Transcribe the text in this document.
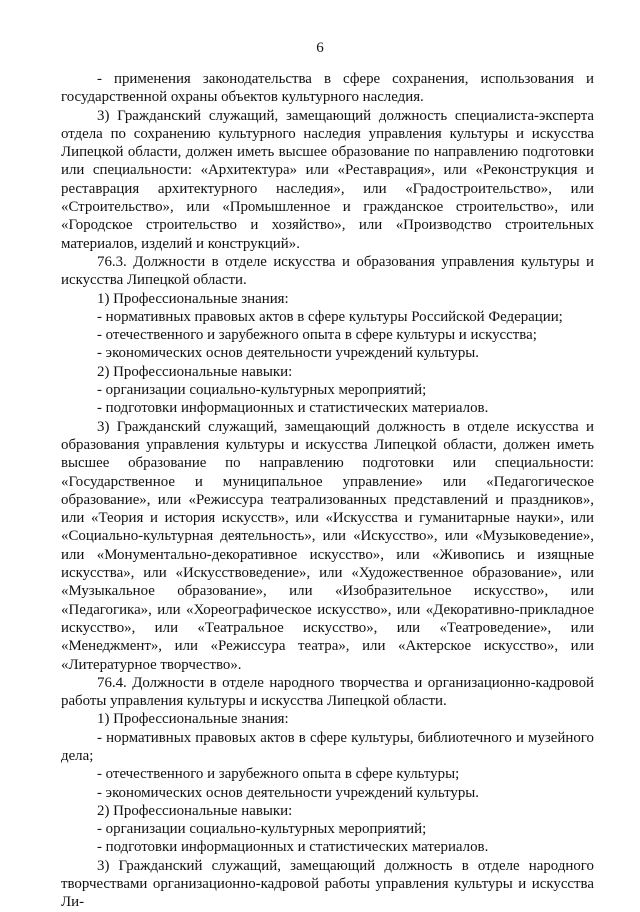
6

- применения законодательства в сфере сохранения, использования и государственной охраны объектов культурного наследия.

3) Гражданский служащий, замещающий должность специалиста-эксперта отдела по сохранению культурного наследия управления культуры и искусства Липецкой области, должен иметь высшее образование по направлению подготовки или специальности: «Архитектура» или «Реставрация», или «Реконструкция и реставрация архитектурного наследия», или «Градостроительство», или «Строительство», или «Промышленное и гражданское строительство», или «Городское строительство и хозяйство», или «Производство строительных материалов, изделий и конструкций».

76.3. Должности в отделе искусства и образования управления культуры и искусства Липецкой области.

1) Профессиональные знания:

- нормативных правовых актов в сфере культуры Российской Федерации;

- отечественного и зарубежного опыта в сфере культуры и искусства;

- экономических основ деятельности учреждений культуры.

2) Профессиональные навыки:

- организации социально-культурных мероприятий;

- подготовки информационных и статистических материалов.

3) Гражданский служащий, замещающий должность в отделе искусства и образования управления культуры и искусства Липецкой области, должен иметь высшее образование по направлению подготовки или специальности: «Государственное и муниципальное управление» или «Педагогическое образование», или «Режиссура театрализованных представлений и праздников», или «Теория и история искусств», или «Искусства и гуманитарные науки», или «Социально-культурная деятельность», или «Искусство», или «Музыковедение», или «Монументально-декоративное искусство», или «Живопись и изящные искусства», или «Искусствоведение», или «Художественное образование», или «Музыкальное образование», или «Изобразительное искусство», или «Педагогика», или «Хореографическое искусство», или «Декоративно-прикладное искусство», или «Театральное искусство», или «Театроведение», или «Менеджмент», или «Режиссура театра», или «Актерское искусство», или «Литературное творчество».

76.4. Должности в отделе народного творчества и организационно-кадровой работы управления культуры и искусства Липецкой области.

1) Профессиональные знания:

- нормативных правовых актов в сфере культуры, библиотечного и музейного дела;

- отечественного и зарубежного опыта в сфере культуры;

- экономических основ деятельности учреждений культуры.

2) Профессиональные навыки:

- организации социально-культурных мероприятий;

- подготовки информационных и статистических материалов.

3) Гражданский служащий, замещающий должность в отделе народного творчествами организационно-кадровой работы управления культуры и искусства Ли-
